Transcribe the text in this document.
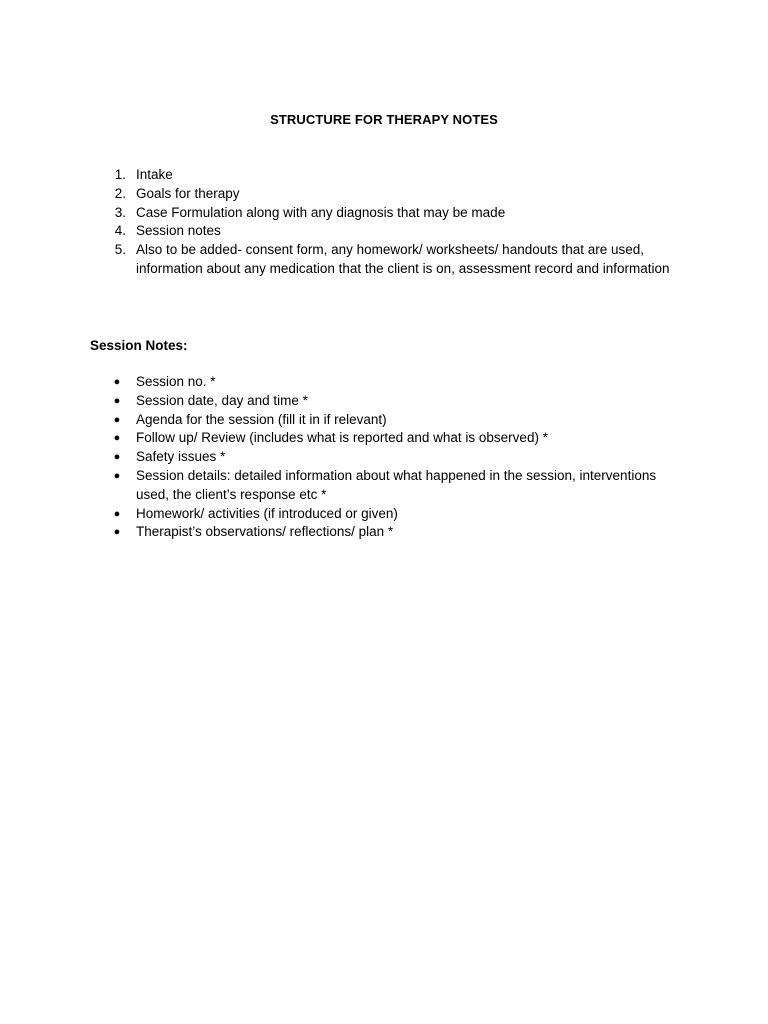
STRUCTURE FOR THERAPY NOTES
1. Intake
2. Goals for therapy
3. Case Formulation along with any diagnosis that may be made
4. Session notes
5. Also to be added- consent form, any homework/ worksheets/ handouts that are used, information about any medication that the client is on, assessment record and information
Session Notes:
● Session no. *
● Session date, day and time *
● Agenda for the session (fill it in if relevant)
● Follow up/ Review (includes what is reported and what is observed) *
● Safety issues *
● Session details: detailed information about what happened in the session, interventions used, the client’s response etc *
● Homework/ activities (if introduced or given)
● Therapist’s observations/ reflections/ plan *
